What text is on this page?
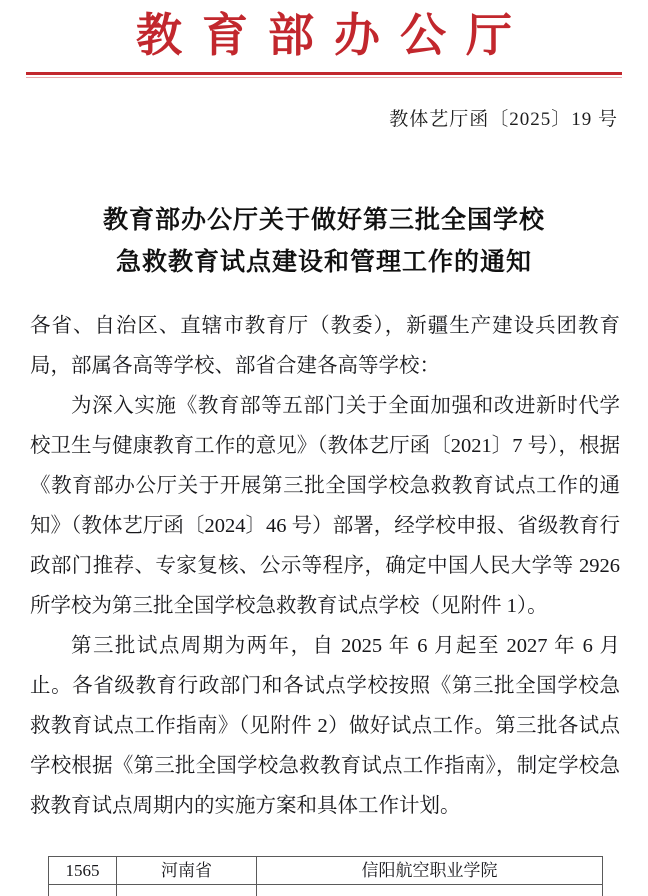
教育部办公厅
教体艺厅函〔2025〕19 号
教育部办公厅关于做好第三批全国学校
急救教育试点建设和管理工作的通知

各省、自治区、直辖市教育厅（教委），新疆生产建设兵团教育局，部属各高等学校、部省合建各高等学校：

为深入实施《教育部等五部门关于全面加强和改进新时代学校卫生与健康教育工作的意见》（教体艺厅函〔2021〕7 号），根据《教育部办公厅关于开展第三批全国学校急救教育试点工作的通知》（教体艺厅函〔2024〕46 号）部署，经学校申报、省级教育行政部门推荐、专家复核、公示等程序，确定中国人民大学等 2926 所学校为第三批全国学校急救教育试点学校（见附件 1）。

第三批试点周期为两年，自 2025 年 6 月起至 2027 年 6 月止。各省级教育行政部门和各试点学校按照《第三批全国学校急救教育试点工作指南》（见附件 2）做好试点工作。第三批各试点学校根据《第三批全国学校急救教育试点工作指南》，制定学校急救教育试点周期内的实施方案和具体工作计划。

1565	河南省	信阳航空职业学院
